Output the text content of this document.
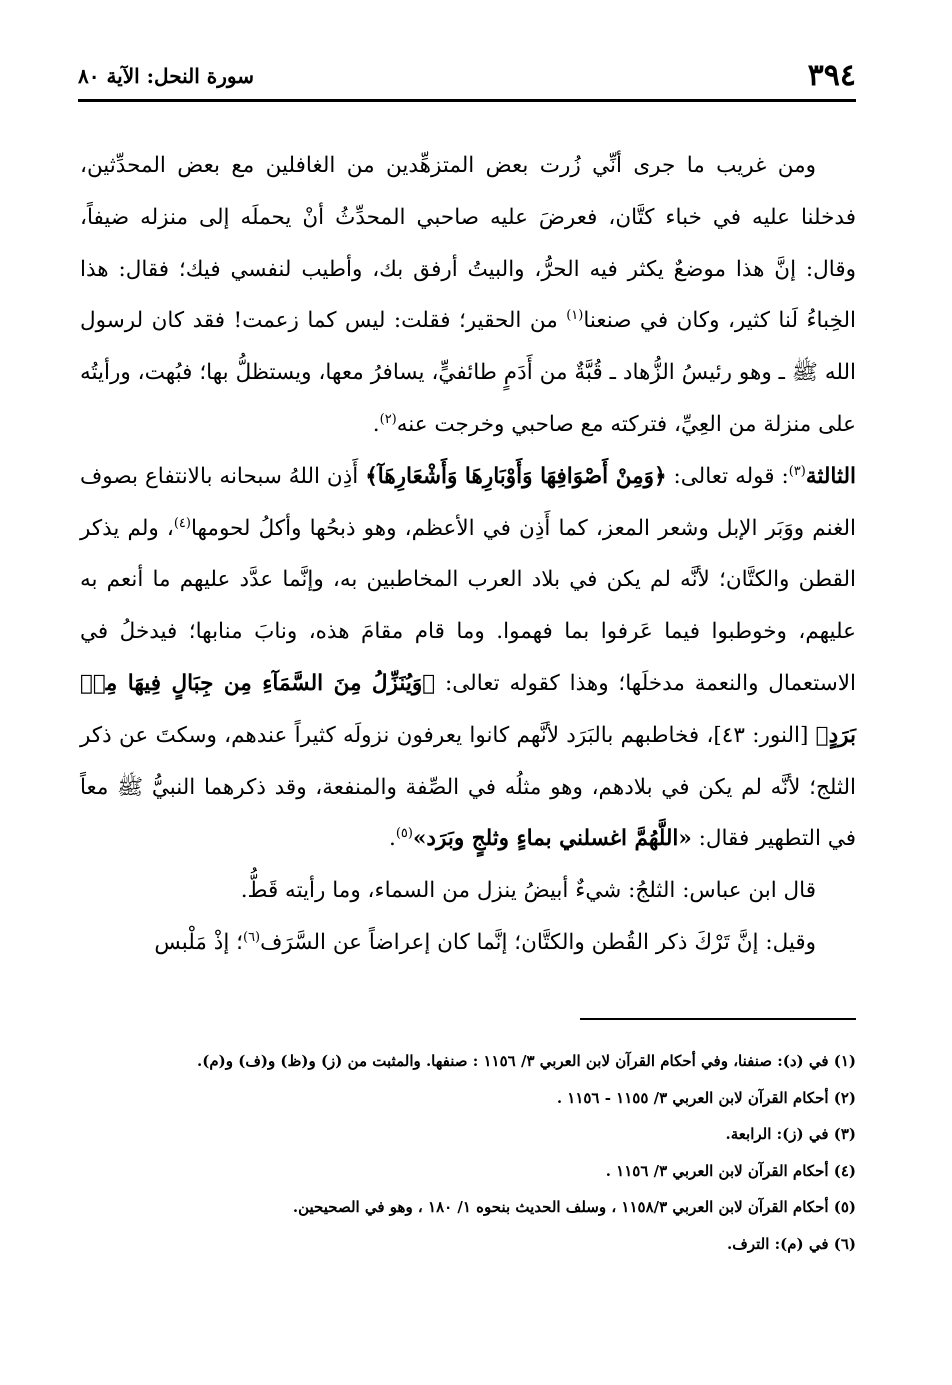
٣٩٤
سورة النحل: الآية ٨٠

ومن غريب ما جرى أنِّي زُرت بعض المتزهِّدين من الغافلين مع بعض المحدِّثين، فدخلنا عليه في خباء كتَّان، فعرضَ عليه صاحبي المحدِّثُ أنْ يحملَه إلى منزله ضيفاً، وقال: إنَّ هذا موضعٌ يكثر فيه الحرُّ، والبيتُ أرفق بك، وأطيب لنفسي فيك؛ فقال: هذا الخِباءُ لَنا كثير، وكان في صنعنا$^{(١)}$ من الحقير؛ فقلت: ليس كما زعمت! فقد كان لرسول الله ﷺ ـ وهو رئيسُ الزُّهاد ـ قُبَّةٌ من أَدَمٍ طائفيٍّ، يسافرُ معها، ويستظلُّ بها؛ فبُهت، ورأيتُه على منزلة من العِيِّ، فتركته مع صاحبي وخرجت عنه$^{(٢)}$.

الثالثة$^{(٣)}$: قوله تعالى: ﴿وَمِنْ أَصْوَافِهَا وَأَوْبَارِهَا وَأَشْعَارِهَآ﴾ أَذِن اللهُ سبحانه بالانتفاع بصوف الغنم ووَبَر الإبل وشعر المعز، كما أَذِن في الأعظم، وهو ذبحُها وأكلُ لحومها$^{(٤)}$، ولم يذكر القطن والكتَّان؛ لأنَّه لم يكن في بلاد العرب المخاطبين به، وإنَّما عدَّد عليهم ما أنعم به عليهم، وخوطبوا فيما عَرفوا بما فهموا. وما قام مقامَ هذه، ونابَ منابها؛ فيدخلُ في الاستعمال والنعمة مدخلَها؛ وهذا كقوله تعالى: ﴿وَيُنَزِّلُ مِنَ السَّمَآءِ مِن جِبَالٍ فِيهَا مِنۢ بَرَدٍ﴾ [النور: ٤٣]، فخاطبهم بالبَرَد لأنَّهم كانوا يعرفون نزولَه كثيراً عندهم، وسكتَ عن ذكر الثلج؛ لأنَّه لم يكن في بلادهم، وهو مثلُه في الصِّفة والمنفعة، وقد ذكرهما النبيُّ ﷺ معاً في التطهير فقال: «اللَّهُمَّ اغسلني بماءٍ وثلجٍ وبَرَد»$^{(٥)}$.

قال ابن عباس: الثلجُ: شيءٌ أبيضُ ينزل من السماء، وما رأيته قَطُّ.

وقيل: إنَّ تَرْكَ ذكر القُطن والكتَّان؛ إنَّما كان إعراضاً عن السَّرَف$^{(٦)}$؛ إذْ مَلْبس

(١) في (د): صنفنا، وفي أحكام القرآن لابن العربي ٣/ ١١٥٦ : صنفها. والمثبت من (ز) و(ظ) و(ف) و(م).

(٢) أحكام القرآن لابن العربي ٣/ ١١٥٥ - ١١٥٦ .

(٣) في (ز): الرابعة.

(٤) أحكام القرآن لابن العربي ٣/ ١١٥٦ .

(٥) أحكام القرآن لابن العربي ١١٥٨/٣ ، وسلف الحديث بنحوه ١/ ١٨٠ ، وهو في الصحيحين.

(٦) في (م): الترف.
